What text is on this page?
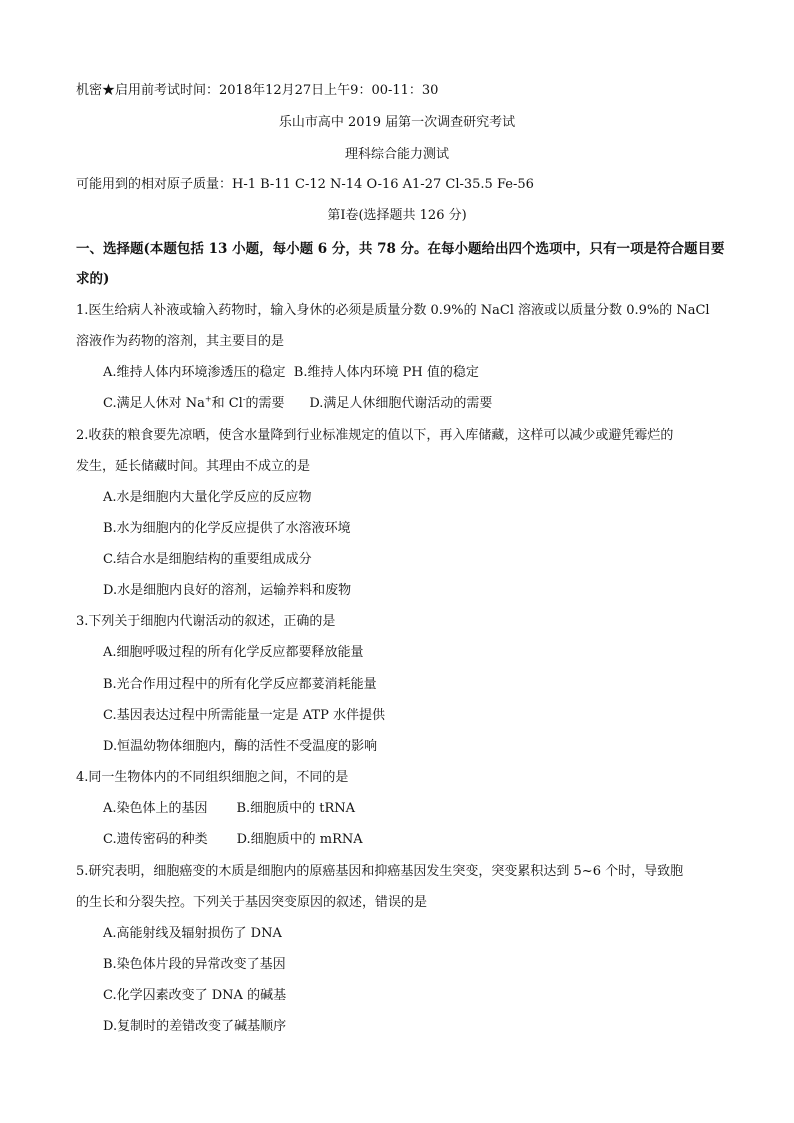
机密★启用前考试时间：2018年12月27日上午9：00-11：30
乐山市高中 2019 届第一次调查研究考试
理科综合能力测试
可能用到的相对原子质量：H-1 B-11 C-12 N-14 O-16 A1-27 Cl-35.5 Fe-56
第Ⅰ卷(选择题共 126 分)
一、选择题(本题包括 13 小题，每小题 6 分，共 78 分。在每小题给出四个选项中，只有一项是符合题目要
求的)
1.医生给病人补液或输入药物时，输入身休的必须是质量分数 0.9%的 NaCl 溶液或以质量分数 0.9%的 NaCl
溶液作为药物的溶剂，其主要目的是
A.维持人体内环境渗透压的稳定 B.维持人体内环境 PH 值的稳定
C.满足人休对 Na+和 Cl-的需要 D.满足人休细胞代谢活动的需要
2.收获的粮食要先凉晒，使含水量降到行业标准规定的值以下，再入库储藏，这样可以减少或避凭霉烂的
发生，延长储藏时间。其理由不成立的是
A.水是细胞内大量化学反应的反应物
B.水为细胞内的化学反应提供了水溶液环境
C.结合水是细胞结构的重要组成成分
D.水是细胞内良好的溶剂，运输养料和废物
3.下列关于细胞内代谢活动的叙述，正确的是
A.细胞呼吸过程的所有化学反应都要释放能量
B.光合作用过程中的所有化学反应都荽消耗能量
C.基因表达过程中所需能量一定是 ATP 水伴提供
D.恒温幼物体细胞内，酶的活性不受温度的影响
4.同一生物体内的不同组织细胞之间，不同的是
A.染色体上的基因 B.细胞质中的 tRNA
C.遗传密码的种类 D.细胞质中的 mRNA
5.研究表明，细胞癌变的木质是细胞内的原癌基因和抑癌基因发生突变，突变累积达到 5~6 个时，导致胞
的生长和分裂失控。下列关于基因突变原因的叙述，错误的是
A.高能射线及辐射损伤了 DNA
B.染色体片段的异常改变了基因
C.化学囚素改变了 DNA 的碱基
D.复制时的差错改变了碱基顺序
